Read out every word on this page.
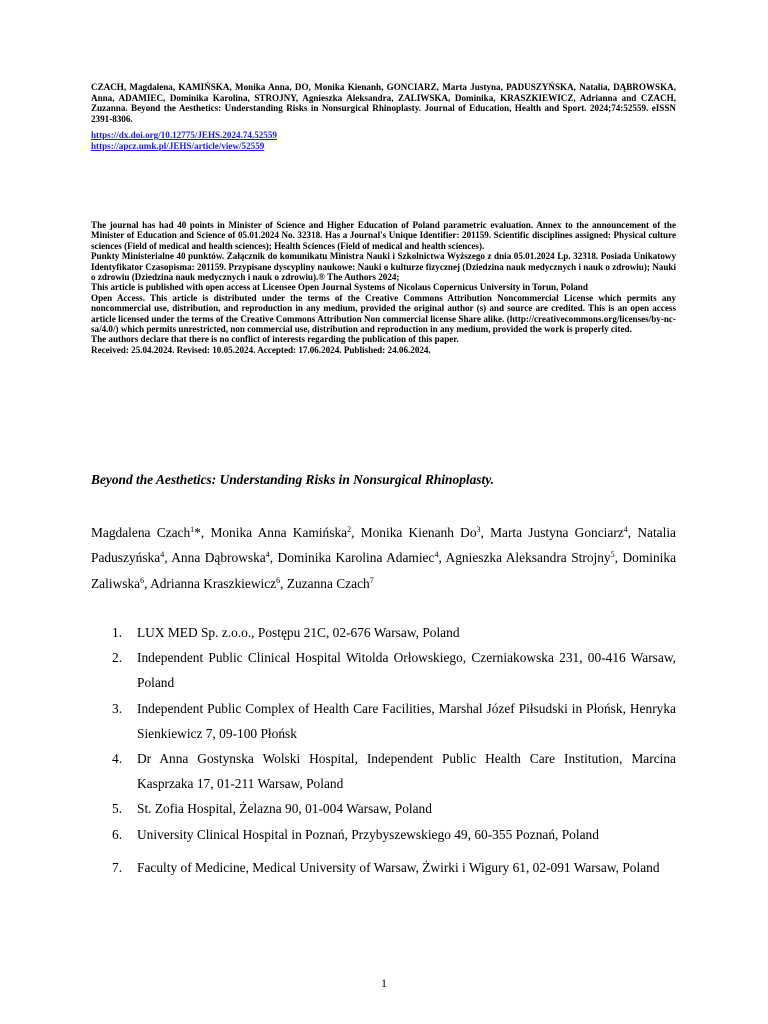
CZACH, Magdalena, KAMIŃSKA, Monika Anna, DO, Monika Kienanh, GONCIARZ, Marta Justyna, PADUSZYŃSKA, Natalia, DĄBROWSKA, Anna, ADAMIEC, Dominika Karolina, STROJNY, Agnieszka Aleksandra, ZALIWSKA, Dominika, KRASZKIEWICZ, Adrianna and CZACH, Zuzanna. Beyond the Aesthetics: Understanding Risks in Nonsurgical Rhinoplasty. Journal of Education, Health and Sport. 2024;74:52559. eISSN 2391-8306.
https://dx.doi.org/10.12775/JEHS.2024.74.52559
https://apcz.umk.pl/JEHS/article/view/52559

The journal has had 40 points in Minister of Science and Higher Education of Poland parametric evaluation. Annex to the announcement of the Minister of Education and Science of 05.01.2024 No. 32318. Has a Journal's Unique Identifier: 201159. Scientific disciplines assigned: Physical culture sciences (Field of medical and health sciences); Health Sciences (Field of medical and health sciences).

Punkty Ministerialne 40 punktów. Załącznik do komunikatu Ministra Nauki i Szkolnictwa Wyższego z dnia 05.01.2024 Lp. 32318. Posiada Unikatowy Identyfikator Czasopisma: 201159. Przypisane dyscypliny naukowe: Nauki o kulturze fizycznej (Dziedzina nauk medycznych i nauk o zdrowiu); Nauki o zdrowiu (Dziedzina nauk medycznych i nauk o zdrowiu).® The Authors 2024;

This article is published with open access at Licensee Open Journal Systems of Nicolaus Copernicus University in Torun, Poland

Open Access. This article is distributed under the terms of the Creative Commons Attribution Noncommercial License which permits any noncommercial use, distribution, and reproduction in any medium, provided the original author (s) and source are credited. This is an open access article licensed under the terms of the Creative Commons Attribution Non commercial license Share alike. (http://creativecommons.org/licenses/by-nc-sa/4.0/) which permits unrestricted, non commercial use, distribution and reproduction in any medium, provided the work is properly cited.

The authors declare that there is no conflict of interests regarding the publication of this paper.

Received: 25.04.2024. Revised: 10.05.2024. Accepted: 17.06.2024. Published: 24.06.2024.

Beyond the Aesthetics: Understanding Risks in Nonsurgical Rhinoplasty.
Magdalena Czach$^1$*, Monika Anna Kamińska$^2$, Monika Kienanh Do$^3$, Marta Justyna Gonciarz$^4$, Natalia Paduszyńska$^4$, Anna Dąbrowska$^4$, Dominika Karolina Adamiec$^4$, Agnieszka Aleksandra Strojny$^5$, Dominika Zaliwska$^6$, Adrianna Kraszkiewicz$^6$, Zuzanna Czach$^7$
1. LUX MED Sp. z.o.o., Postępu 21C, 02-676 Warsaw, Poland
2. Independent Public Clinical Hospital Witolda Orłowskiego, Czerniakowska 231, 00-416 Warsaw, Poland
3. Independent Public Complex of Health Care Facilities, Marshal Józef Piłsudski in Płońsk, Henryka Sienkiewicz 7, 09-100 Płońsk
4. Dr Anna Gostynska Wolski Hospital, Independent Public Health Care Institution, Marcina Kasprzaka 17, 01-211 Warsaw, Poland
5. St. Zofia Hospital, Żelazna 90, 01-004 Warsaw, Poland
6. University Clinical Hospital in Poznań, Przybyszewskiego 49, 60-355 Poznań, Poland
7. Faculty of Medicine, Medical University of Warsaw, Żwirki i Wigury 61, 02-091 Warsaw, Poland
1
